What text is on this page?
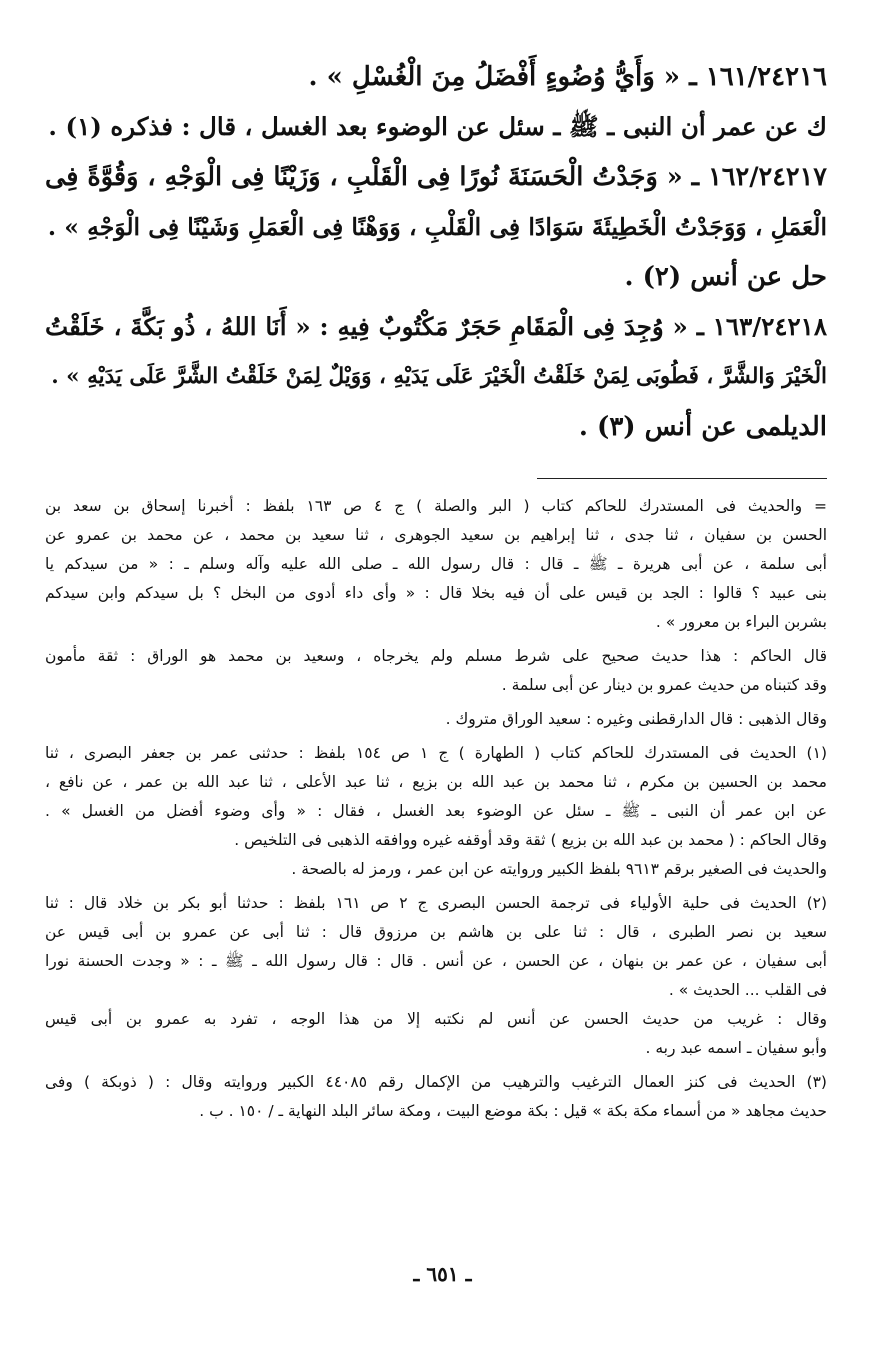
١٦١/٢٤٢١٦ ـ « وَأَيُّ وُضُوءٍ أَفْضَلُ مِنَ الْغُسْلِ » .
ك عن عمر أن النبى ـ ﷺ ـ سئل عن الوضوء بعد الغسل ، قال : فذكره (١) .
١٦٢/٢٤٢١٧ ـ « وَجَدْتُ الْحَسَنَةَ نُورًا فِى الْقَلْبِ ، وَزَيْنًا فِى الْوَجْهِ ، وَقُوَّةً فِى
الْعَمَلِ ، وَوَجَدْتُ الْخَطِيئَةَ سَوَادًا فِى الْقَلْبِ ، وَوَهْنًا فِى الْعَمَلِ وَشَيْنًا فِى الْوَجْهِ » .
حل عن أنس (٢) .
١٦٣/٢٤٢١٨ ـ « وُجِدَ فِى الْمَقَامِ حَجَرٌ مَكْتُوبٌ فِيهِ : « أَنَا اللهُ ، ذُو بَكَّةَ ، خَلَقْتُ
الْخَيْرَ وَالشَّرَّ ، فَطُوبَى لِمَنْ خَلَقْتُ الْخَيْرَ عَلَى يَدَيْهِ ، وَوَيْلٌ لِمَنْ خَلَقْتُ الشَّرَّ عَلَى يَدَيْهِ » .
الديلمى عن أنس (٣) .
= والحديث فى المستدرك للحاكم كتاب ( البر والصلة ) ج ٤ ص ١٦٣ بلفظ : أخبرنا إسحاق بن سعد بن
الحسن بن سفيان ، ثنا جدى ، ثنا إبراهيم بن سعيد الجوهرى ، ثنا سعيد بن محمد ، عن محمد بن عمرو عن
أبى سلمة ، عن أبى هريرة ـ ﷺ ـ قال : قال رسول الله ـ صلى الله عليه وآله وسلم ـ : « من سيدكم يا
بنى عبيد ؟ قالوا : الجد بن قيس على أن فيه بخلا قال : « وأى داء أدوى من البخل ؟ بل سيدكم وابن سيدكم
بشربن البراء بن معرور » .
قال الحاكم : هذا حديث صحيح على شرط مسلم ولم يخرجاه ، وسعيد بن محمد هو الوراق : ثقة مأمون
وقد كتبناه من حديث عمرو بن دينار عن أبى سلمة .
وقال الذهبى : قال الدارقطنى وغيره : سعيد الوراق متروك .
(١) الحديث فى المستدرك للحاكم كتاب ( الطهارة ) ج ١ ص ١٥٤ بلفظ : حدثنى عمر بن جعفر البصرى ، ثنا
محمد بن الحسين بن مكرم ، ثنا محمد بن عبد الله بن بزيع ، ثنا عبد الأعلى ، ثنا عبد الله بن عمر ، عن نافع ،
عن ابن عمر أن النبى ـ ﷺ ـ سئل عن الوضوء بعد الغسل ، فقال : « وأى وضوء أفضل من الغسل » .
وقال الحاكم : ( محمد بن عبد الله بن بزيع ) ثقة وقد أوقفه غيره ووافقه الذهبى فى التلخيص .
والحديث فى الصغير برقم ٩٦١٣ بلفظ الكبير وروايته عن ابن عمر ، ورمز له بالصحة .
(٢) الحديث فى حلية الأولياء فى ترجمة الحسن البصرى ج ٢ ص ١٦١ بلفظ : حدثنا أبو بكر بن خلاد قال : ثنا
سعيد بن نصر الطبرى ، قال : ثنا على بن هاشم بن مرزوق قال : ثنا أبى عن عمرو بن أبى قيس عن
أبى سفيان ، عن عمر بن بنهان ، عن الحسن ، عن أنس . قال : قال رسول الله ـ ﷺ ـ : « وجدت الحسنة نورا
فى القلب ... الحديث » .
وقال : غريب من حديث الحسن عن أنس لم نكتبه إلا من هذا الوجه ، تفرد به عمرو بن أبى قيس
وأبو سفيان ـ اسمه عبد ربه .
(٣) الحديث فى كنز العمال الترغيب والترهيب من الإكمال رقم ٤٤٠٨٥ الكبير وروايته وقال : ( ذوبكة ) وفى
حديث مجاهد « من أسماء مكة بكة » قيل : بكة موضع البيت ، ومكة سائر البلد النهاية ـ / ١٥٠ . ب .
ـ ٦٥١ ـ
